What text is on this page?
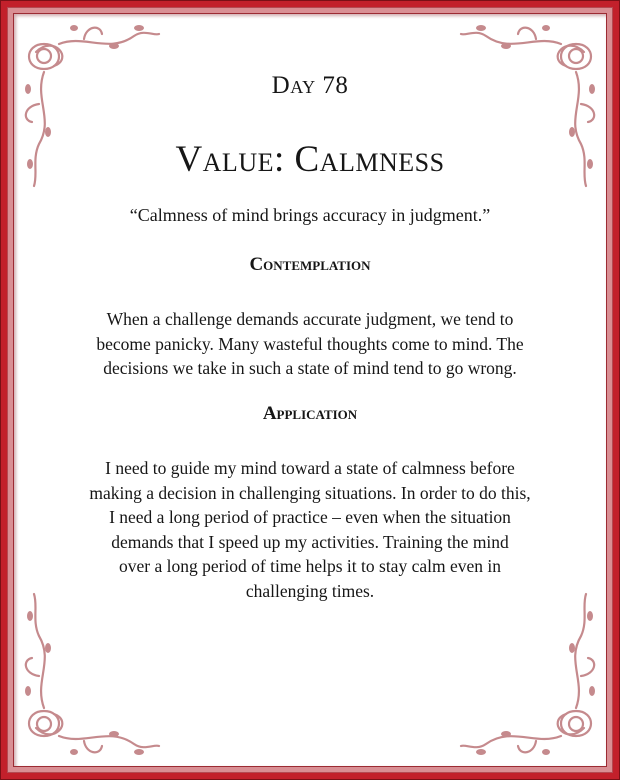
Day 78
Value: Calmness
“Calmness of mind brings accuracy in judgment.”
Contemplation
When a challenge demands accurate judgment, we tend to
become panicky. Many wasteful thoughts come to mind. The
decisions we take in such a state of mind tend to go wrong.
Application
I need to guide my mind toward a state of calmness before
making a decision in challenging situations. In order to do this,
I need a long period of practice – even when the situation
demands that I speed up my activities. Training the mind
over a long period of time helps it to stay calm even in
challenging times.
